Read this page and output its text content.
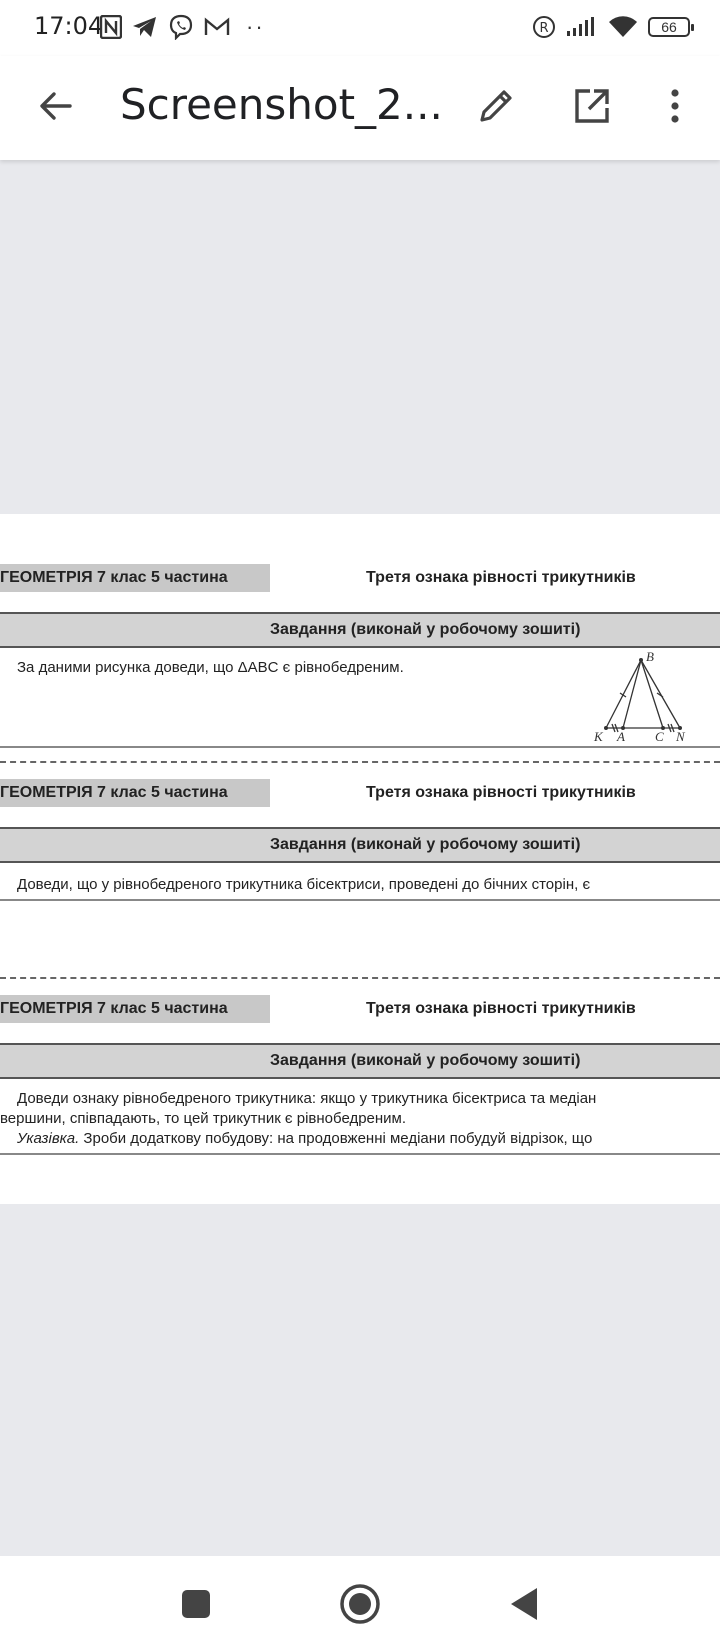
17:04	··	R	66
Screenshot_2...
ГЕОМЕТРІЯ 7 клас 5 частина	Третя ознака рівності трикутників
Завдання (виконай у робочому зошиті)
За даними рисунка доведи, що ΔABC є рівнобедреним.
B
K A C N
ГЕОМЕТРІЯ 7 клас 5 частина	Третя ознака рівності трикутників
Завдання (виконай у робочому зошиті)
Доведи, що у рівнобедреного трикутника бісектриси, проведені до бічних сторін, є
ГЕОМЕТРІЯ 7 клас 5 частина	Третя ознака рівності трикутників
Завдання (виконай у робочому зошиті)
Доведи ознаку рівнобедреного трикутника: якщо у трикутника бісектриса та медіан
вершини, співпадають, то цей трикутник є рівнобедреним.
Указівка. Зроби додаткову побудову: на продовженні медіани побудуй відрізок, що
